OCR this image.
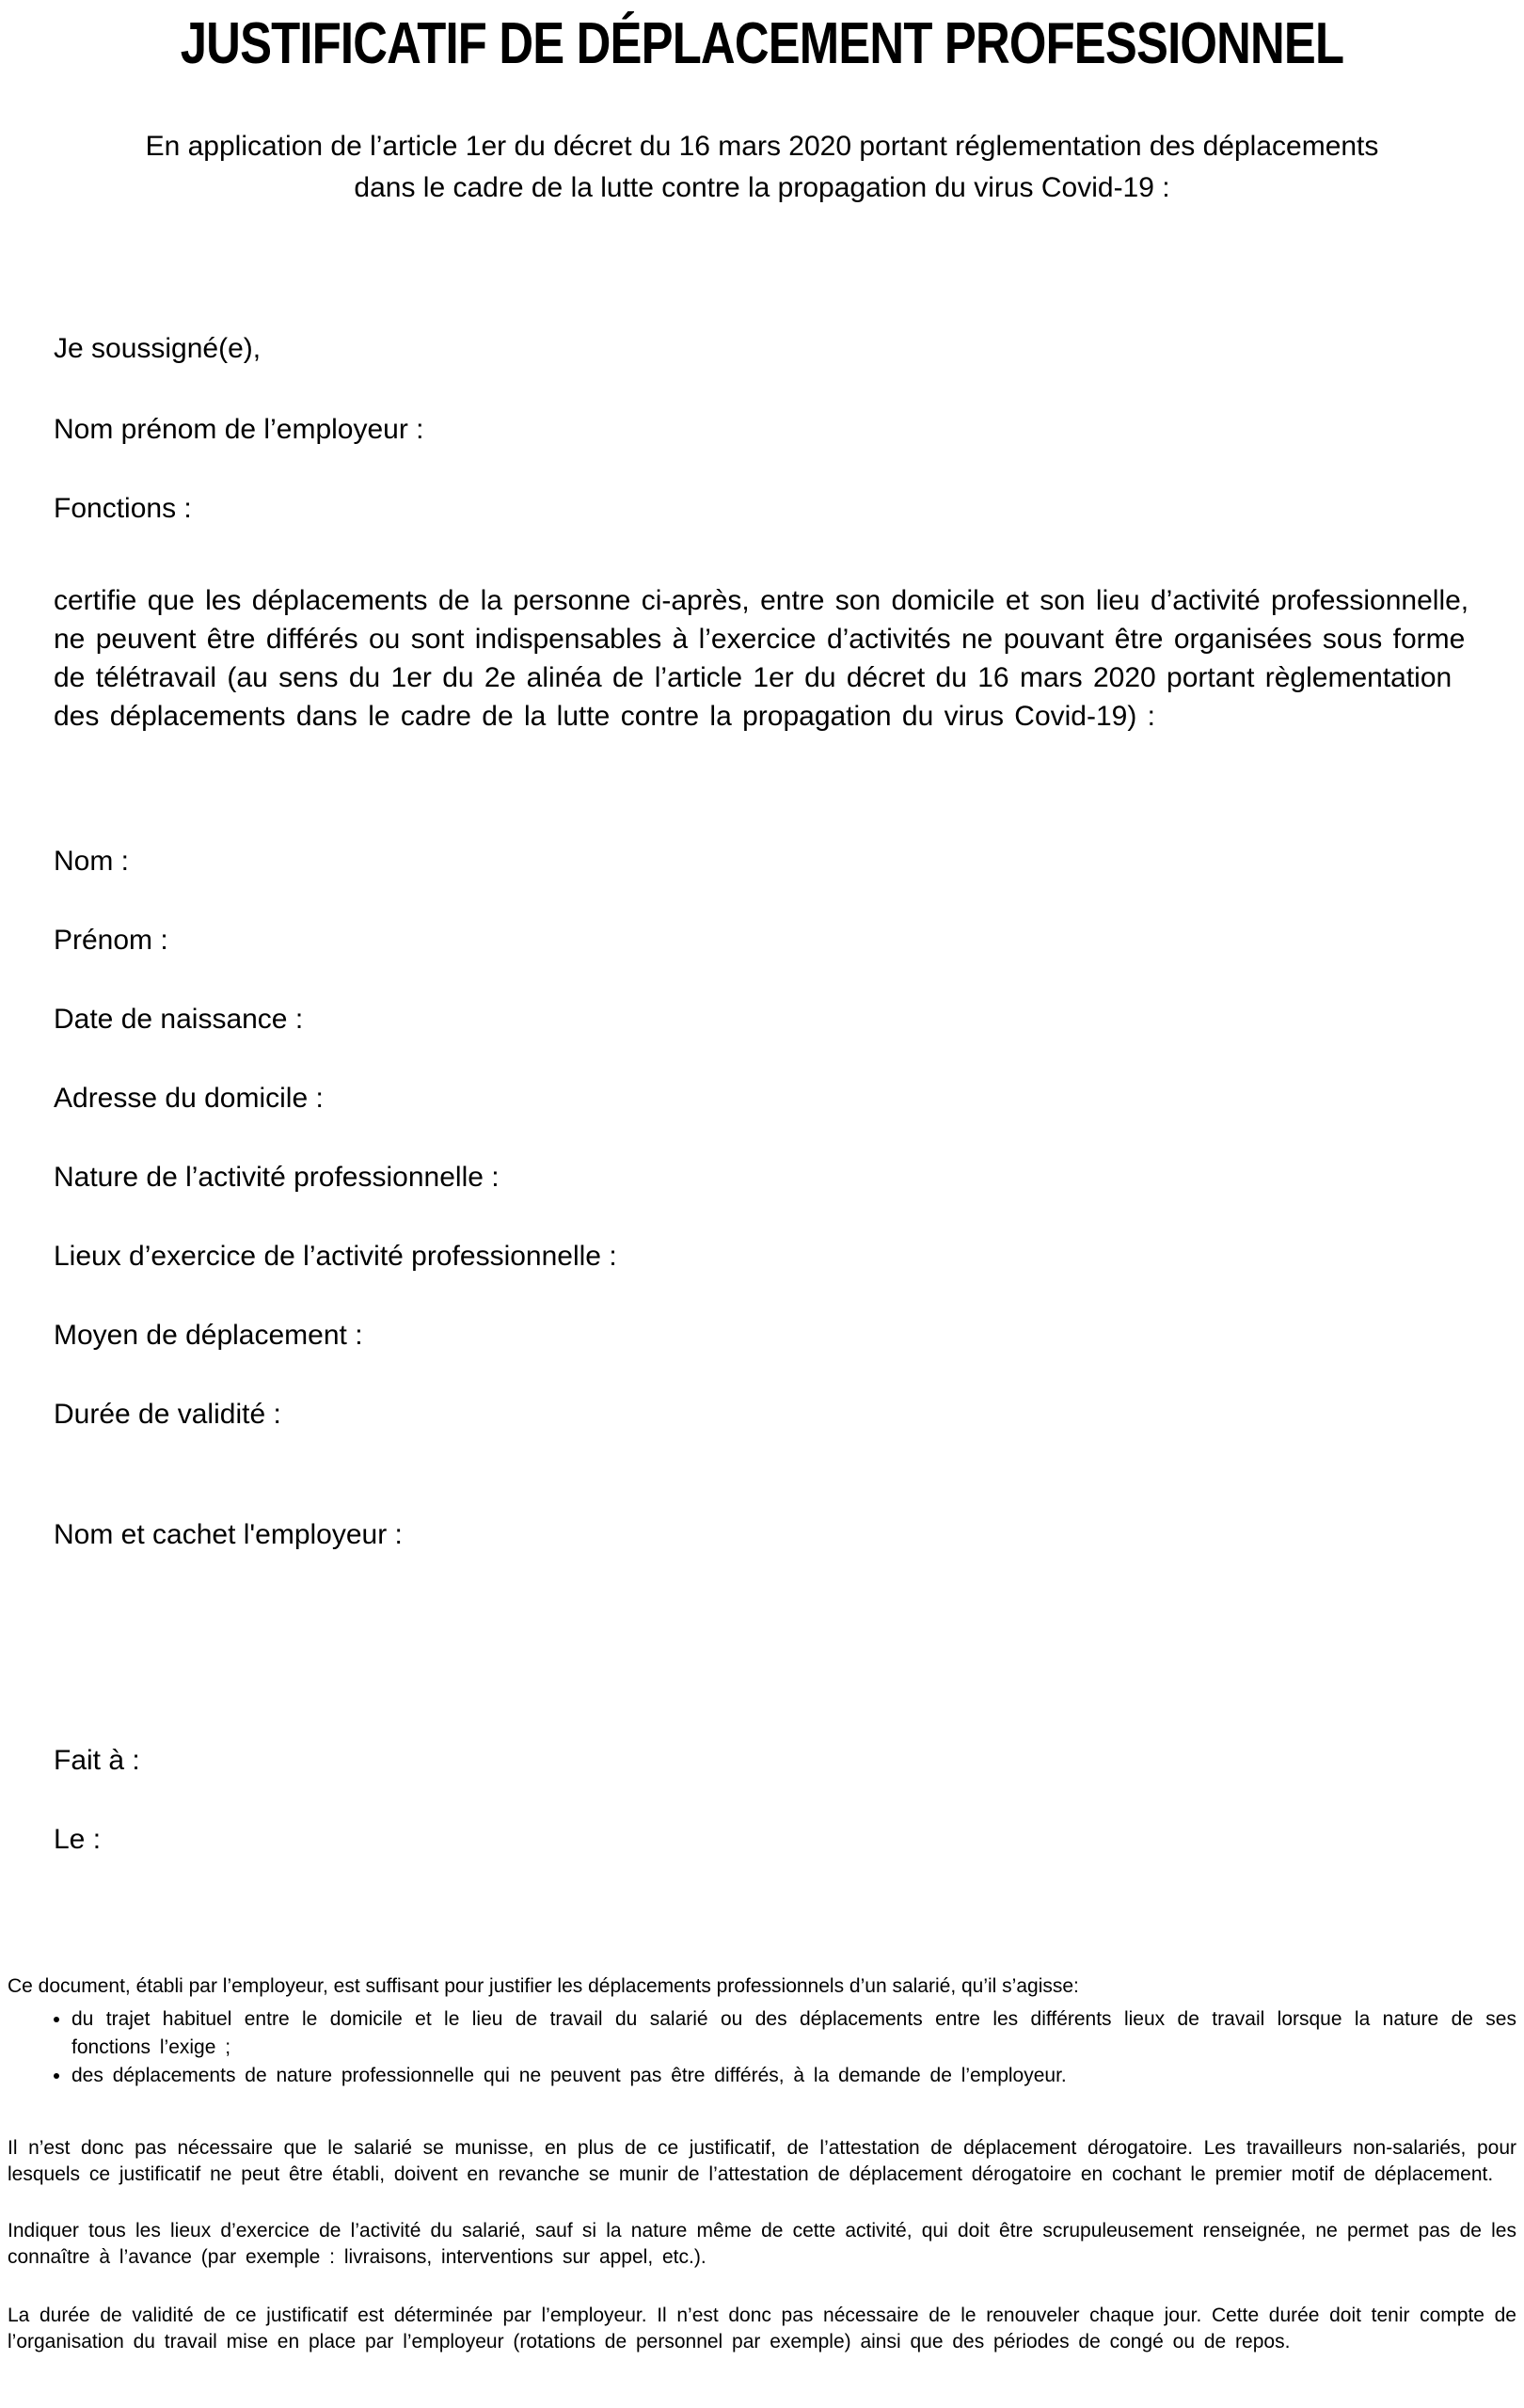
JUSTIFICATIF DE DÉPLACEMENT PROFESSIONNEL

En application de l’article 1er du décret du 16 mars 2020 portant réglementation des déplacements dans le cadre de la lutte contre la propagation du virus Covid-19 :

Je soussigné(e),

Nom prénom de l’employeur :

Fonctions :

certifie que les déplacements de la personne ci-après, entre son domicile et son lieu d’activité professionnelle, ne peuvent être différés ou sont indispensables à l’exercice d’activités ne pouvant être organisées sous forme de télétravail (au sens du 1er du 2e alinéa de l’article 1er du décret du 16 mars 2020 portant règlementation des déplacements dans le cadre de la lutte contre la propagation du virus Covid-19) :

Nom :

Prénom :

Date de naissance :

Adresse du domicile :

Nature de l’activité professionnelle :

Lieux d’exercice de l’activité professionnelle :

Moyen de déplacement :

Durée de validité :

Nom et cachet l'employeur :

Fait à :

Le :

Ce document, établi par l’employeur, est suffisant pour justifier les déplacements professionnels d’un salarié, qu’il s’agisse:

• du trajet habituel entre le domicile et le lieu de travail du salarié ou des déplacements entre les différents lieux de travail lorsque la nature de ses fonctions l’exige ;
• des déplacements de nature professionnelle qui ne peuvent pas être différés, à la demande de l’employeur.

Il n’est donc pas nécessaire que le salarié se munisse, en plus de ce justificatif, de l’attestation de déplacement dérogatoire. Les travailleurs non-salariés, pour lesquels ce justificatif ne peut être établi, doivent en revanche se munir de l’attestation de déplacement dérogatoire en cochant le premier motif de déplacement.

Indiquer tous les lieux d’exercice de l’activité du salarié, sauf si la nature même de cette activité, qui doit être scrupuleusement renseignée, ne permet pas de les connaître à l’avance (par exemple : livraisons, interventions sur appel, etc.).

La durée de validité de ce justificatif est déterminée par l’employeur. Il n’est donc pas nécessaire de le renouveler chaque jour. Cette durée doit tenir compte de l’organisation du travail mise en place par l’employeur (rotations de personnel par exemple) ainsi que des périodes de congé ou de repos.
